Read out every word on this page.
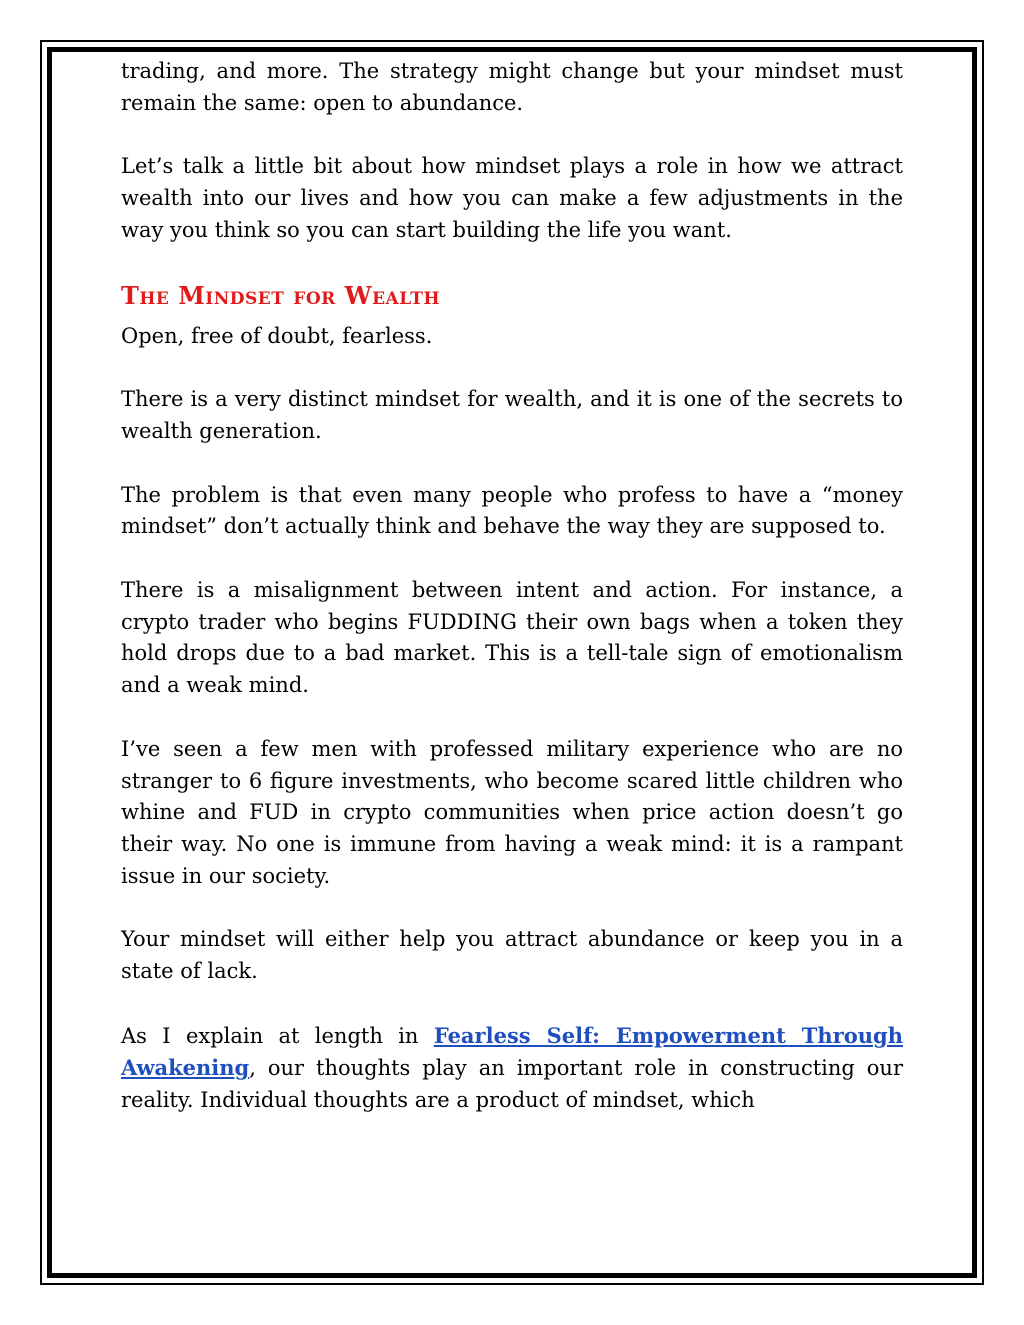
trading, and more. The strategy might change but your mindset must remain the same: open to abundance.

Let’s talk a little bit about how mindset plays a role in how we attract wealth into our lives and how you can make a few adjustments in the way you think so you can start building the life you want.

The Mindset for Wealth

Open, free of doubt, fearless.

There is a very distinct mindset for wealth, and it is one of the secrets to wealth generation.

The problem is that even many people who profess to have a “money mindset” don’t actually think and behave the way they are supposed to.

There is a misalignment between intent and action. For instance, a crypto trader who begins FUDDING their own bags when a token they hold drops due to a bad market. This is a tell-tale sign of emotionalism and a weak mind.

I’ve seen a few men with professed military experience who are no stranger to 6 figure investments, who become scared little children who whine and FUD in crypto communities when price action doesn’t go their way. No one is immune from having a weak mind: it is a rampant issue in our society.

Your mindset will either help you attract abundance or keep you in a state of lack.

As I explain at length in Fearless Self: Empowerment Through Awakening, our thoughts play an important role in constructing our reality. Individual thoughts are a product of mindset, which
